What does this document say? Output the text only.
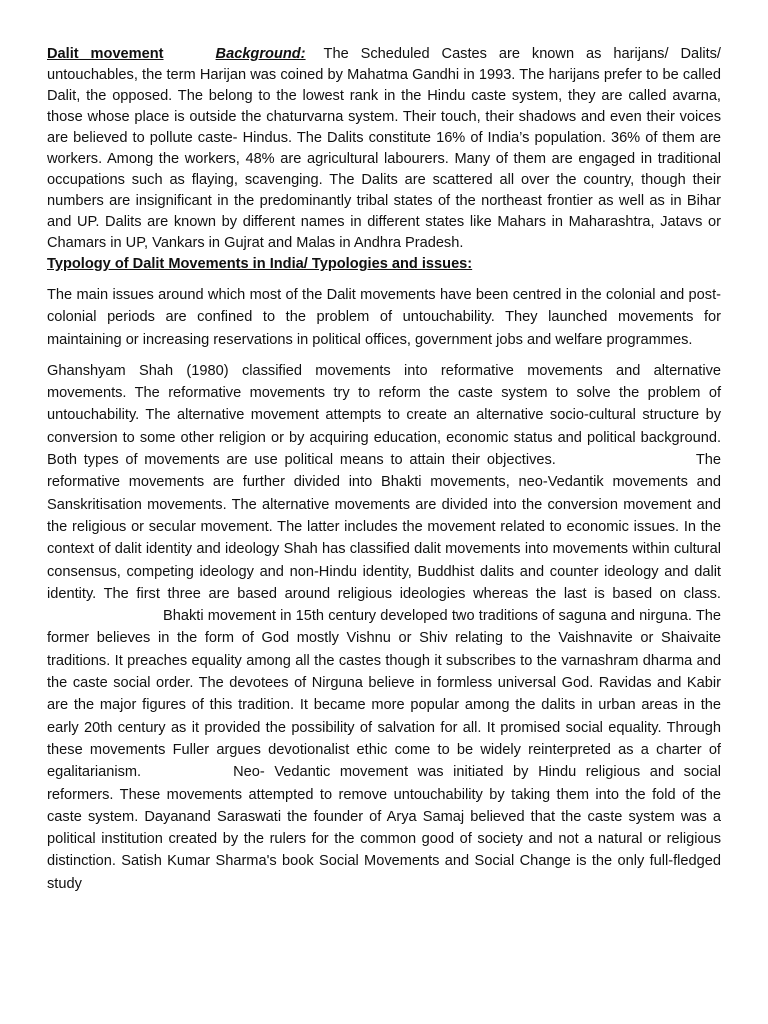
Dalit movement	Background: The Scheduled Castes are known as harijans/ Dalits/ untouchables, the term Harijan was coined by Mahatma Gandhi in 1993. The harijans prefer to be called Dalit, the opposed. The belong to the lowest rank in the Hindu caste system, they are called avarna, those whose place is outside the chaturvarna system. Their touch, their shadows and even their voices are believed to pollute caste- Hindus. The Dalits constitute 16% of India’s population. 36% of them are workers. Among the workers, 48% are agricultural labourers. Many of them are engaged in traditional occupations such as flaying, scavenging. The Dalits are scattered all over the country, though their numbers are insignificant in the predominantly tribal states of the northeast frontier as well as in Bihar and UP. Dalits are known by different names in different states like Mahars in Maharashtra, Jatavs or Chamars in UP, Vankars in Gujrat and Malas in Andhra Pradesh.

Typology of Dalit Movements in India/ Typologies and issues:

The main issues around which most of the Dalit movements have been centred in the colonial and post-colonial periods are confined to the problem of untouchability. They launched movements for maintaining or increasing reservations in political offices, government jobs and welfare programmes.

Ghanshyam Shah (1980) classified movements into reformative movements and alternative movements. The reformative movements try to reform the caste system to solve the problem of untouchability. The alternative movement attempts to create an alternative socio-cultural structure by conversion to some other religion or by acquiring education, economic status and political background. Both types of movements are use political means to attain their objectives.	The reformative movements are further divided into Bhakti movements, neo-Vedantik movements and Sanskritisation movements. The alternative movements are divided into the conversion movement and the religious or secular movement. The latter includes the movement related to economic issues. In the context of dalit identity and ideology Shah has classified dalit movements into movements within cultural consensus, competing ideology and non-Hindu identity, Buddhist dalits and counter ideology and dalit identity. The first three are based around religious ideologies whereas the last is based on class.Bhakti movement in 15th century developed two traditions of saguna and nirguna. The former believes in the form of God mostly Vishnu or Shiv relating to the Vaishnavite or Shaivaite traditions. It preaches equality among all the castes though it subscribes to the varnashram dharma and the caste social order. The devotees of Nirguna believe in formless universal God. Ravidas and Kabir are the major figures of this tradition. It became more popular among the dalits in urban areas in the early 20th century as it provided the possibility of salvation for all. It promised social equality. Through these movements Fuller argues devotionalist ethic come to be widely reinterpreted as a charter of egalitarianism.	Neo- Vedantic movement was initiated by Hindu religious and social reformers. These movements attempted to remove untouchability by taking them into the fold of the caste system. Dayanand Saraswati the founder of Arya Samaj believed that the caste system was a political institution created by the rulers for the common good of society and not a natural or religious distinction. Satish Kumar Sharma's book Social Movements and Social Change is the only full-fledged study
